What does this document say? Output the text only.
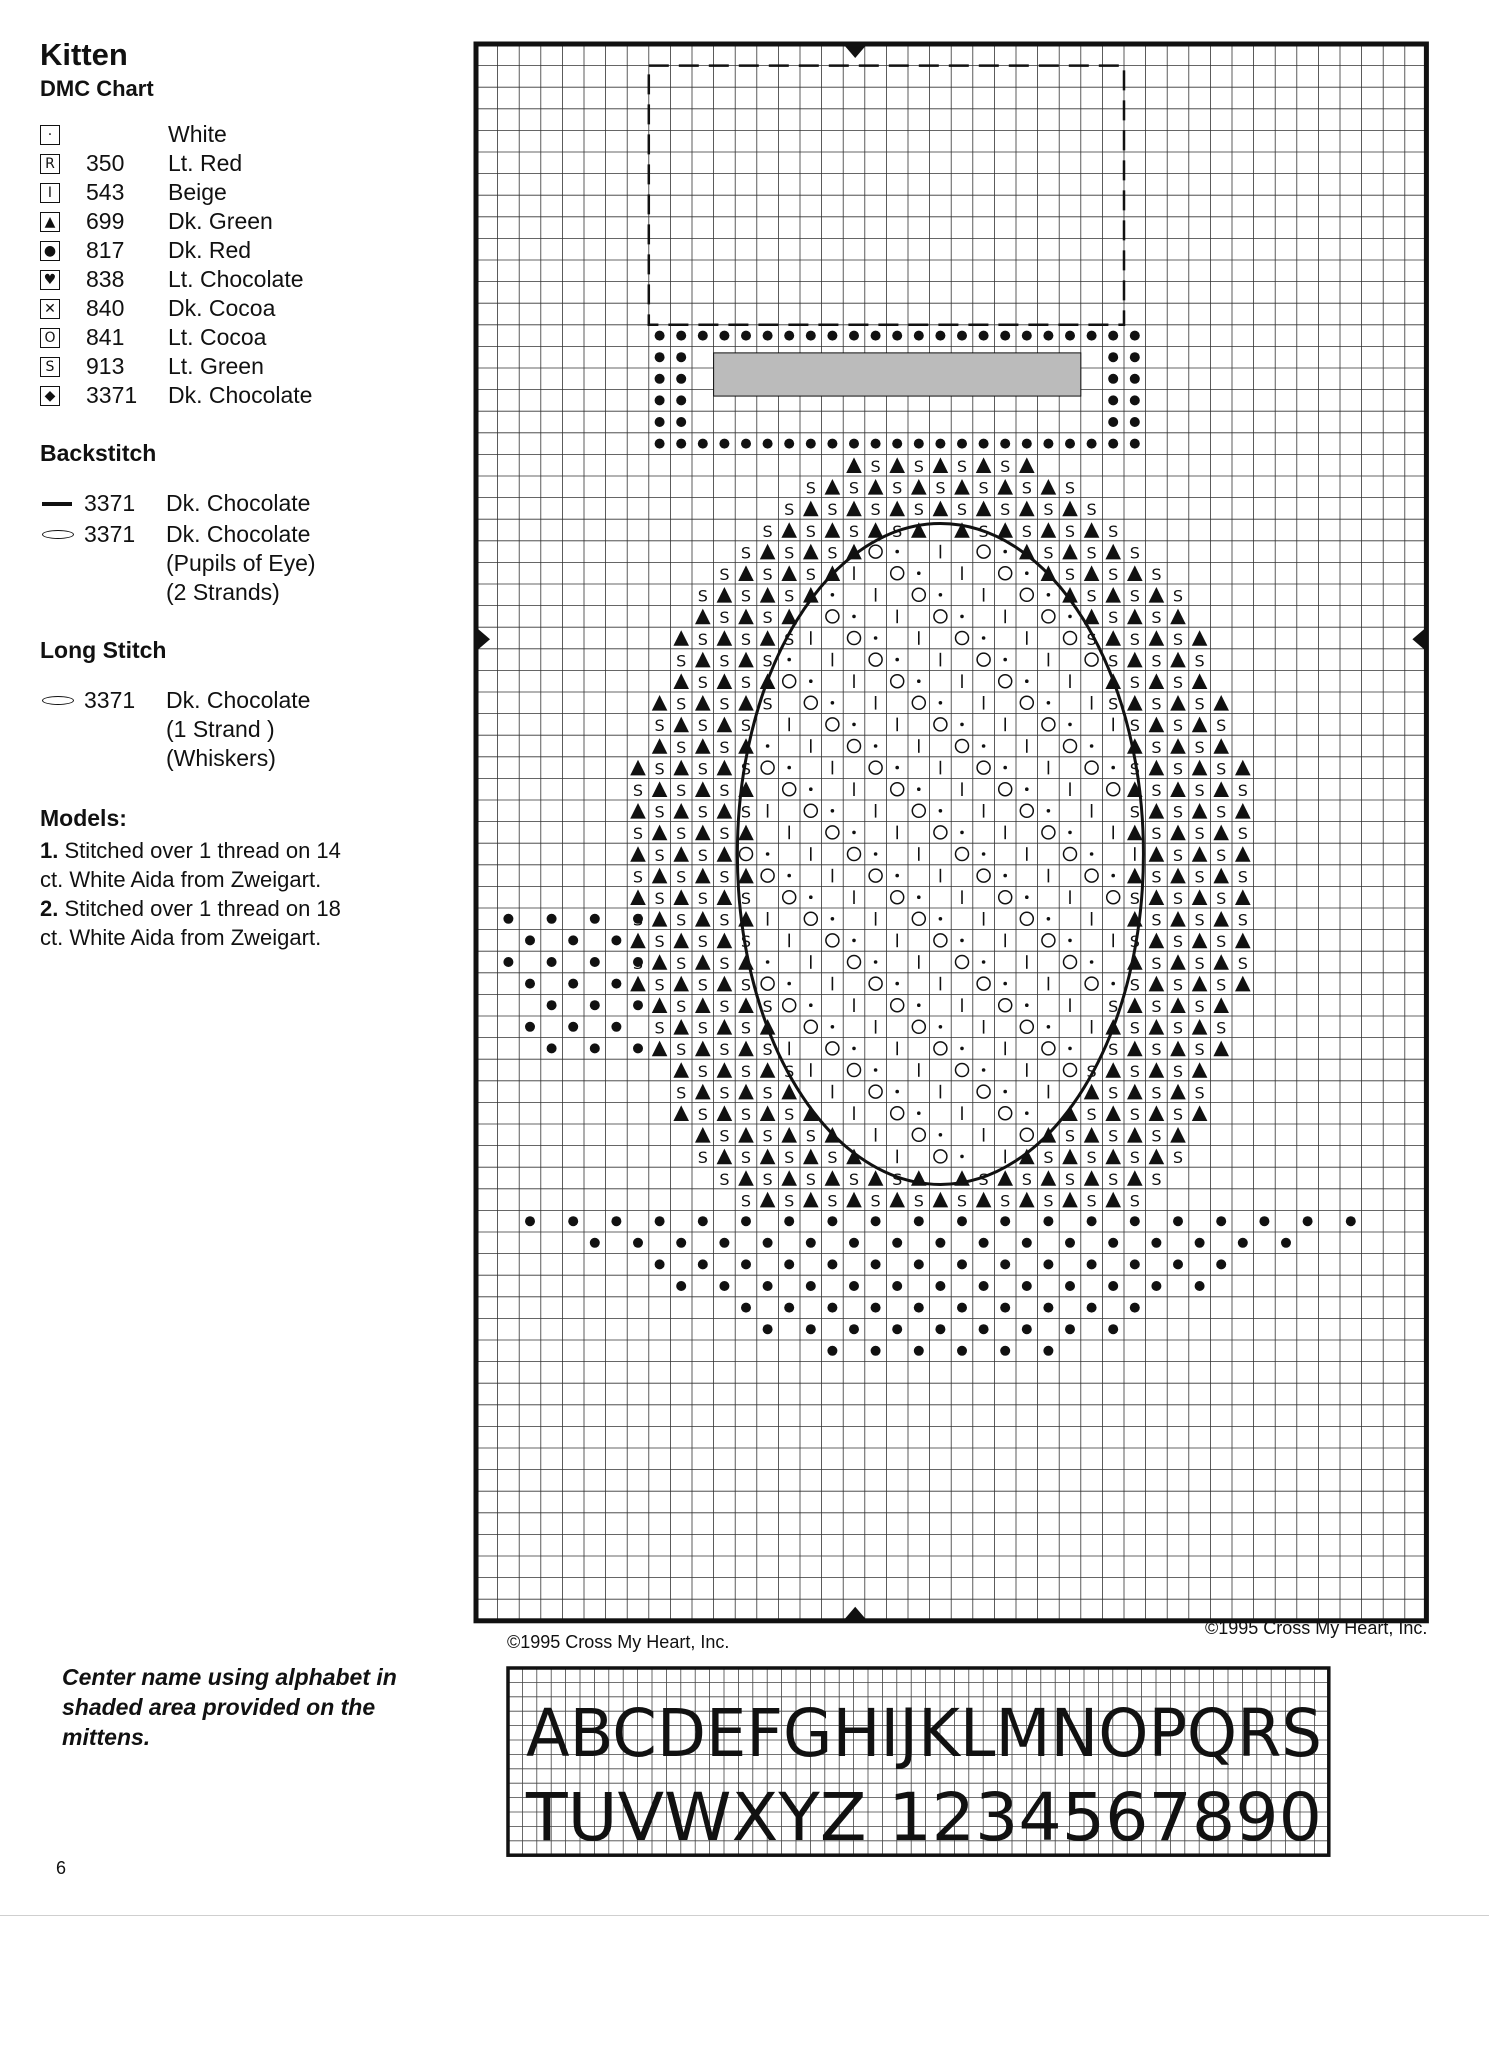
Kitten
DMC Chart
·	White
R 350	Lt. Red
I	543	Beige
▲ 699	Dk. Green
● 817	Dk. Red
♥ 838	Lt. Chocolate
✕ 840	Dk. Cocoa
O 841	Lt. Cocoa
S 913	Lt. Green
◆ 3371	Dk. Chocolate
Backstitch
3371	Dk. Chocolate

3371	Dk. Chocolate

(Pupils of Eye)

(2 Strands)

Long Stitch
3371	Dk. Chocolate

(1 Strand )

(Whiskers)

Models:

1. Stitched over 1 thread on 14

ct. White Aida from Zweigart.

2. Stitched over 1 thread on 18

ct. White Aida from Zweigart.

Center name using alphabet in shaded area provided on the mittens.
6
S S S S
S S S S S S S
S S S S S S S S
S S S S	S S S S
S S S	S S S
S S S	S S S
S S S	S S S
S S	S S
S S S	S S S
S S S	S S S
S S	S S
S S S	S S S
S S S	S S S
S S	S S
S S S	S S S
S S S	S S S
S S S	S S S
S S S	S S S
S S	S S
S S S	S S S
S S S	S S S
S S	S S S
S S S	S S S
S S	S S S
S S S	S S S
S S S	S S S
S S S	S S S
S S S	S S S
S S S	S S S
S S S	S S S
S S S	S S S
S S S	S S S
S S S S	S S S S
S S S S S	S S S S S
S S S S S S S S S S
©1995 Cross My Heart, Inc.
©1995 Cross My Heart, Inc.
ABCDEFGHIJKLMNOPQRS
TUVWXYZ 1234567890
